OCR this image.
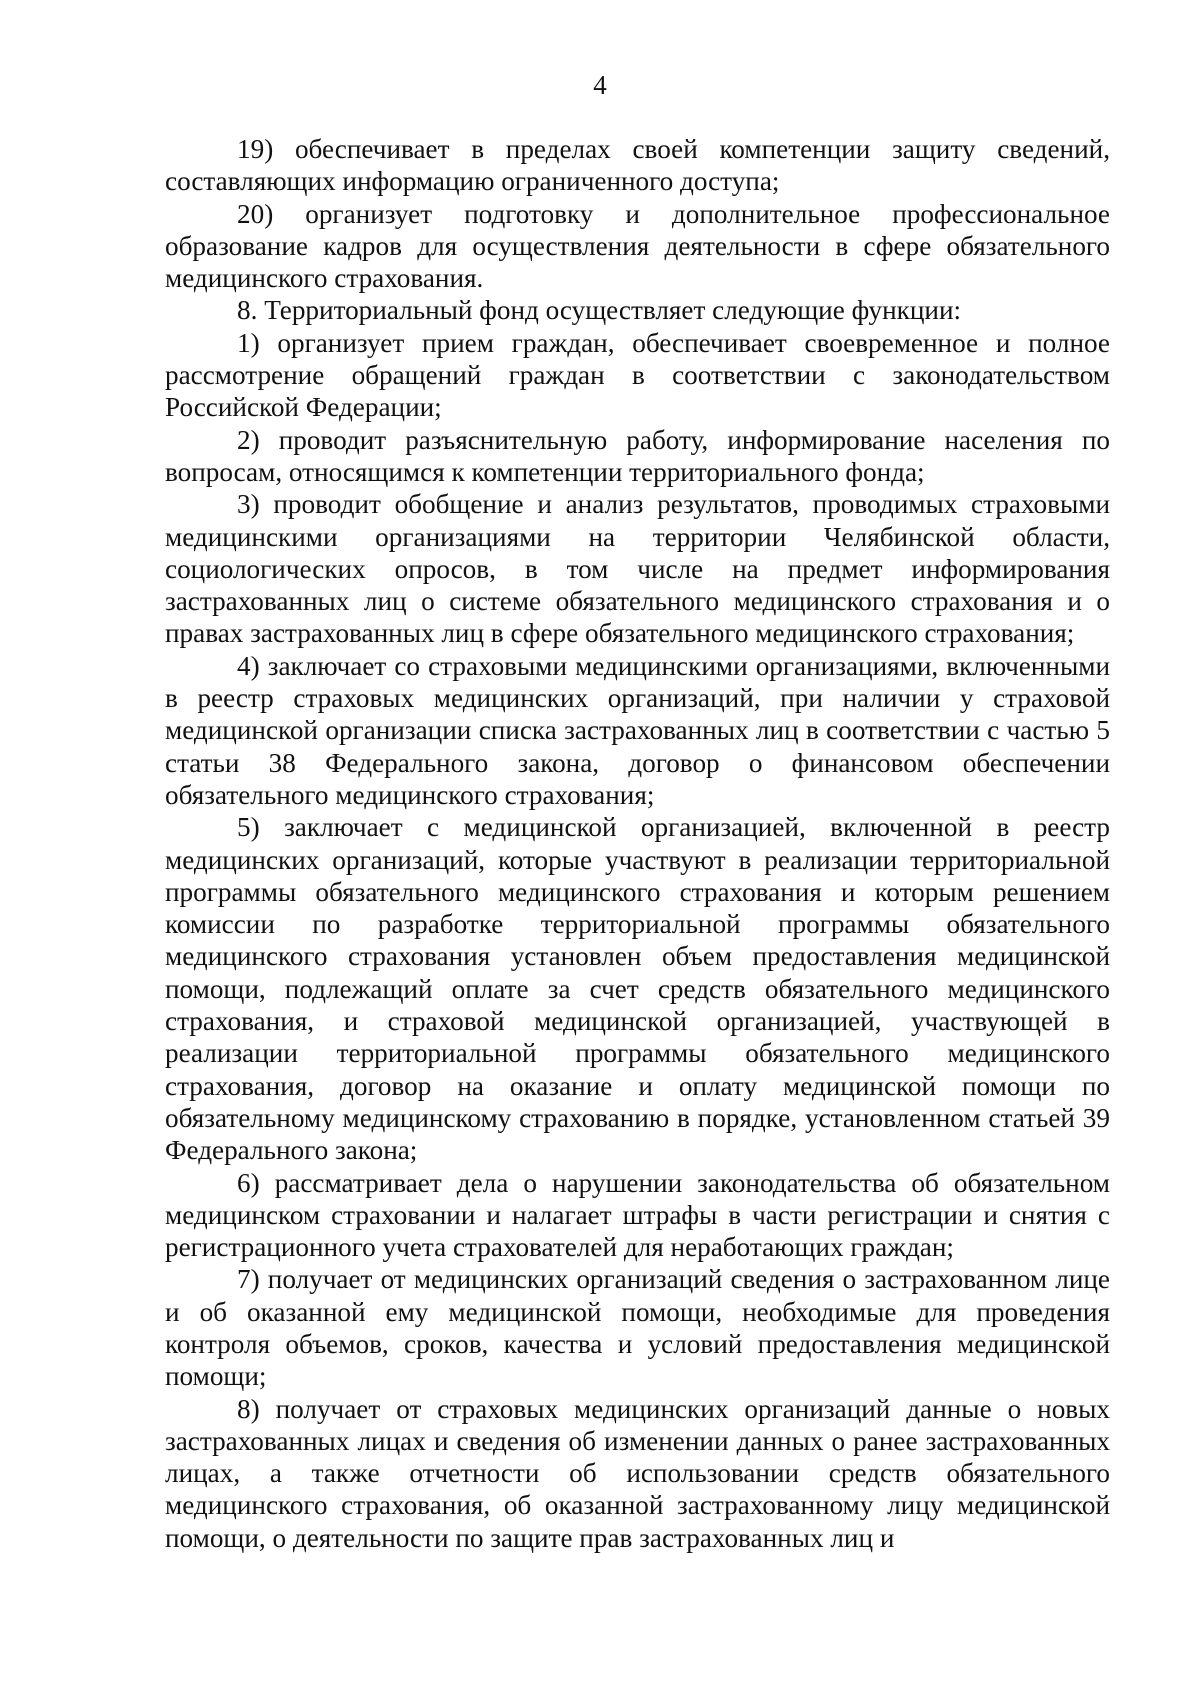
4

19) обеспечивает в пределах своей компетенции защиту сведений, составляющих информацию ограниченного доступа;

20) организует подготовку и дополнительное профессиональное образование кадров для осуществления деятельности в сфере обязательного медицинского страхования.

8. Территориальный фонд осуществляет следующие функции:

1) организует прием граждан, обеспечивает своевременное и полное рассмотрение обращений граждан в соответствии с законодательством Российской Федерации;

2) проводит разъяснительную работу, информирование населения по вопросам, относящимся к компетенции территориального фонда;

3) проводит обобщение и анализ результатов, проводимых страховыми медицинскими организациями на территории Челябинской области, социологических опросов, в том числе на предмет информирования застрахованных лиц о системе обязательного медицинского страхования и о правах застрахованных лиц в сфере обязательного медицинского страхования;

4) заключает со страховыми медицинскими организациями, включенными в реестр страховых медицинских организаций, при наличии у страховой медицинской организации списка застрахованных лиц в соответствии с частью 5 статьи 38 Федерального закона, договор о финансовом обеспечении обязательного медицинского страхования;

5) заключает с медицинской организацией, включенной в реестр медицинских организаций, которые участвуют в реализации территориальной программы обязательного медицинского страхования и которым решением комиссии по разработке территориальной программы обязательного медицинского страхования установлен объем предоставления медицинской помощи, подлежащий оплате за счет средств обязательного медицинского страхования, и страховой медицинской организацией, участвующей в реализации территориальной программы обязательного медицинского страхования, договор на оказание и оплату медицинской помощи по обязательному медицинскому страхованию в порядке, установленном статьей 39 Федерального закона;

6) рассматривает дела о нарушении законодательства об обязательном медицинском страховании и налагает штрафы в части регистрации и снятия с регистрационного учета страхователей для неработающих граждан;

7) получает от медицинских организаций сведения о застрахованном лице и об оказанной ему медицинской помощи, необходимые для проведения контроля объемов, сроков, качества и условий предоставления медицинской помощи;

8) получает от страховых медицинских организаций данные о новых застрахованных лицах и сведения об изменении данных о ранее застрахованных лицах, а также отчетности об использовании средств обязательного медицинского страхования, об оказанной застрахованному лицу медицинской помощи, о деятельности по защите прав застрахованных лиц и
